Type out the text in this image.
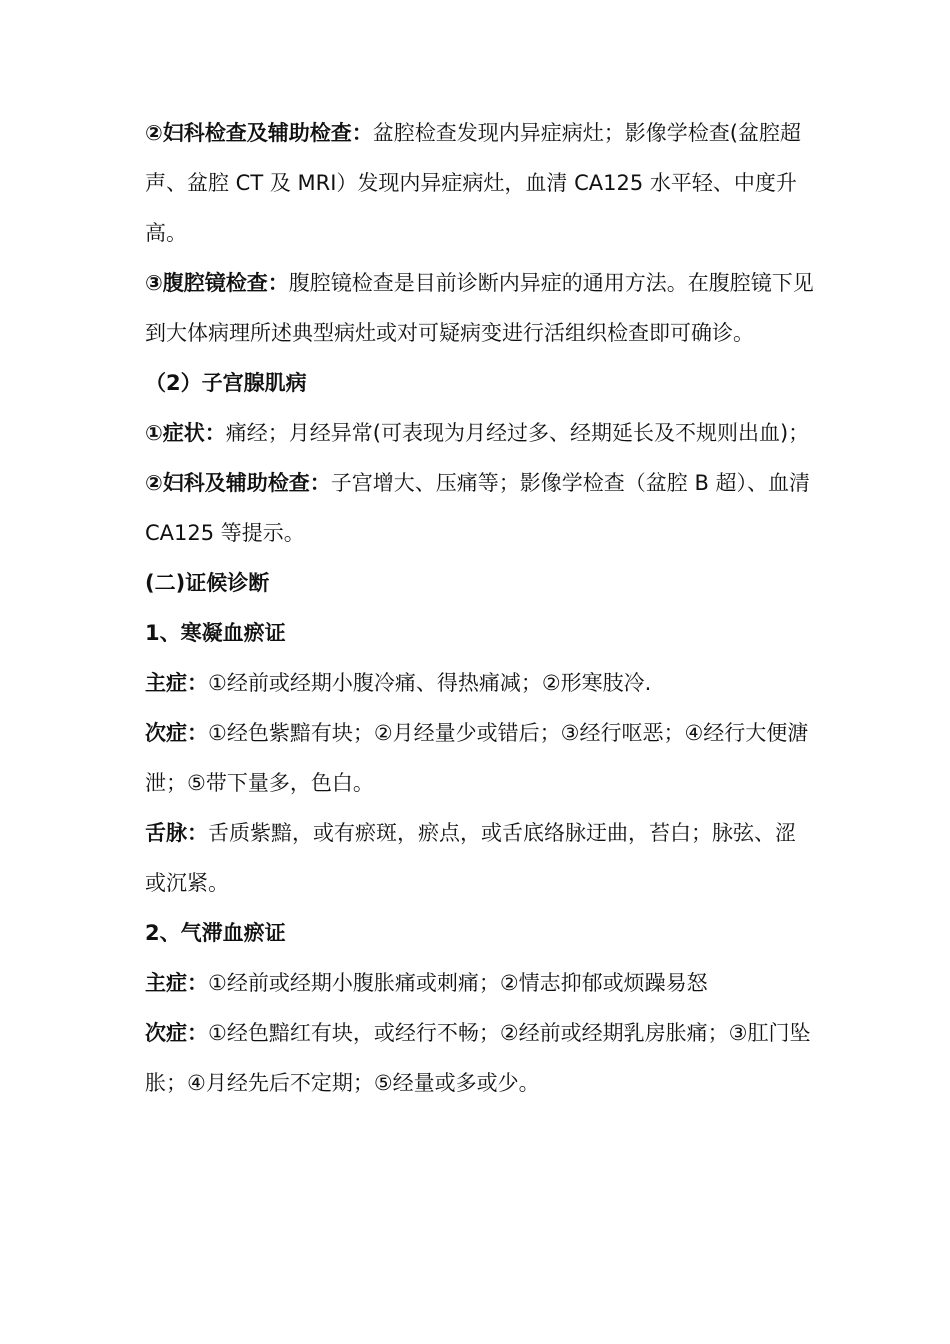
②妇科检查及辅助检查：盆腔检查发现内异症病灶；影像学检查(盆腔超声、盆腔 CT 及 MRI）发现内异症病灶，血清 CA125 水平轻、中度升高。

③腹腔镜检查：腹腔镜检查是目前诊断内异症的通用方法。在腹腔镜下见到大体病理所述典型病灶或对可疑病变进行活组织检查即可确诊。

（2）子宫腺肌病

①症状：痛经；月经异常(可表现为月经过多、经期延长及不规则出血)；

②妇科及辅助检查：子宫增大、压痛等；影像学检查（盆腔 B 超）、血清 CA125 等提示。

(二)证候诊断

1、寒凝血瘀证

主症：①经前或经期小腹冷痛、得热痛减；②形寒肢冷.

次症：①经色紫黯有块；②月经量少或错后；③经行呕恶；④经行大便溏泄；⑤带下量多，色白。

舌脉：舌质紫黯，或有瘀斑，瘀点，或舌底络脉迂曲，苔白；脉弦、涩或沉紧。

2、气滞血瘀证

主症：①经前或经期小腹胀痛或刺痛；②情志抑郁或烦躁易怒

次症：①经色黯红有块，或经行不畅；②经前或经期乳房胀痛；③肛门坠胀；④月经先后不定期；⑤经量或多或少。
